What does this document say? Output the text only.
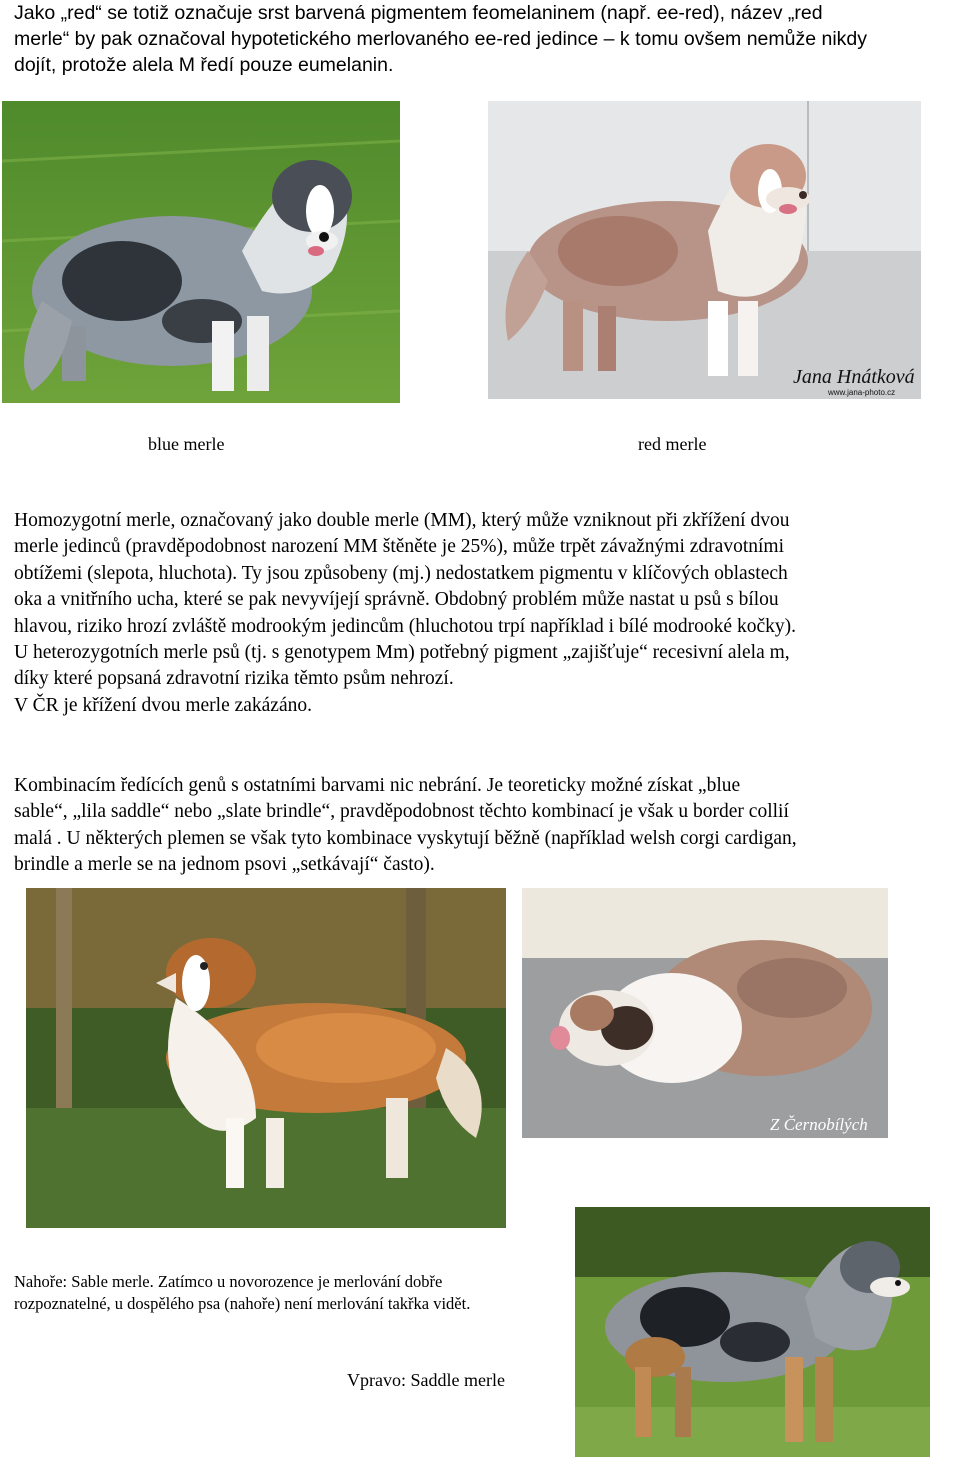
Jako „red“ se totiž označuje srst barvená pigmentem feomelaninem (např. ee-red), název „red
merle“ by pak označoval hypotetického merlovaného ee-red jedince – k tomu ovšem nemůže nikdy
dojít, protože alela M ředí pouze eumelanin.
Jana Hnátková
www.jana-photo.cz
blue merle	red merle

Homozygotní merle, označovaný jako double merle (MM), který může vzniknout při zkřížení dvou

merle jedinců (pravděpodobnost narození MM štěněte je 25%), může trpět závažnými zdravotními

obtížemi (slepota, hluchota). Ty jsou způsobeny (mj.) nedostatkem pigmentu v klíčových oblastech

oka a vnitřního ucha, které se pak nevyvíjejí správně. Obdobný problém může nastat u psů s bílou

hlavou, riziko hrozí zvláště modrookým jedincům (hluchotou trpí například i bílé modrooké kočky).

U heterozygotních merle psů (tj. s genotypem Mm) potřebný pigment „zajišťuje“ recesivní alela m,

díky které popsaná zdravotní rizika těmto psům nehrozí.

V ČR je křížení dvou merle zakázáno.

Kombinacím ředících genů s ostatními barvami nic nebrání. Je teoreticky možné získat „blue

sable“, „lila saddle“ nebo „slate brindle“, pravděpodobnost těchto kombinací je však u border collií

malá . U některých plemen se však tyto kombinace vyskytují běžně (například welsh corgi cardigan,

brindle a merle se na jednom psovi „setkávají“ často).

Z Černobílých
Nahoře: Sable merle. Zatímco u novorozence je merlování dobře
rozpoznatelné, u dospělého psa (nahoře) není merlování takřka vidět.
Vpravo: Saddle merle
